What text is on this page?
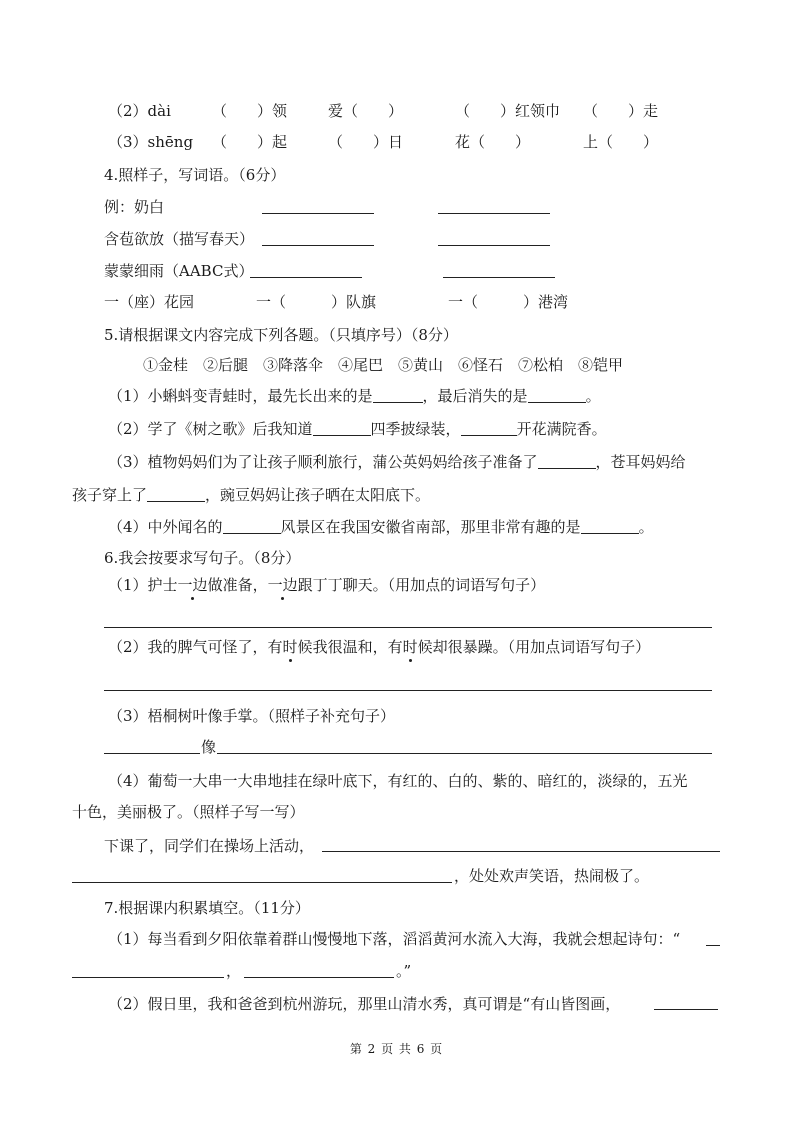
（2）dài	（　　）领	爱（　　）	（　　）红领巾 （　　）走
（3）shēng （　　）起	（　　）日	花（　　）	上（　　）
4.照样子，写词语。（6分）
例：奶白
含苞欲放（描写春天）
蒙蒙细雨（AABC式）
一（座）花园	一（　　　）队旗	一（　　　）港湾
5.请根据课文内容完成下列各题。（只填序号）（8分）
①金桂　②后腿　③降落伞　④尾巴　⑤黄山　⑥怪石　⑦松柏　⑧铠甲
（1）小蝌蚪变青蛙时，最先长出来的是	，最后消失的是	。
（2）学了《树之歌》后我知道	四季披绿装，	开花满院香。
（3）植物妈妈们为了让孩子顺利旅行，蒲公英妈妈给孩子准备了	，苍耳妈妈给
孩子穿上了	，豌豆妈妈让孩子晒在太阳底下。
（4）中外闻名的	风景区在我国安徽省南部，那里非常有趣的是	。
6.我会按要求写句子。（8分）
（1）护士一边做准备，一边跟丁丁聊天。（用加点的词语写句子）
（2）我的脾气可怪了，有时候我很温和，有时候却很暴躁。（用加点词语写句子）
（3）梧桐树叶像手掌。（照样子补充句子）
像
（4）葡萄一大串一大串地挂在绿叶底下，有红的、白的、紫的、暗红的，淡绿的，五光
十色，美丽极了。（照样子写一写）
下课了，同学们在操场上活动，
，处处欢声笑语，热闹极了。
7.根据课内积累填空。（11分）
（1）每当看到夕阳依靠着群山慢慢地下落，滔滔黄河水流入大海，我就会想起诗句：“
，	。”
（2）假日里，我和爸爸到杭州游玩，那里山清水秀，真可谓是“有山皆图画，
第 2 页 共 6 页
